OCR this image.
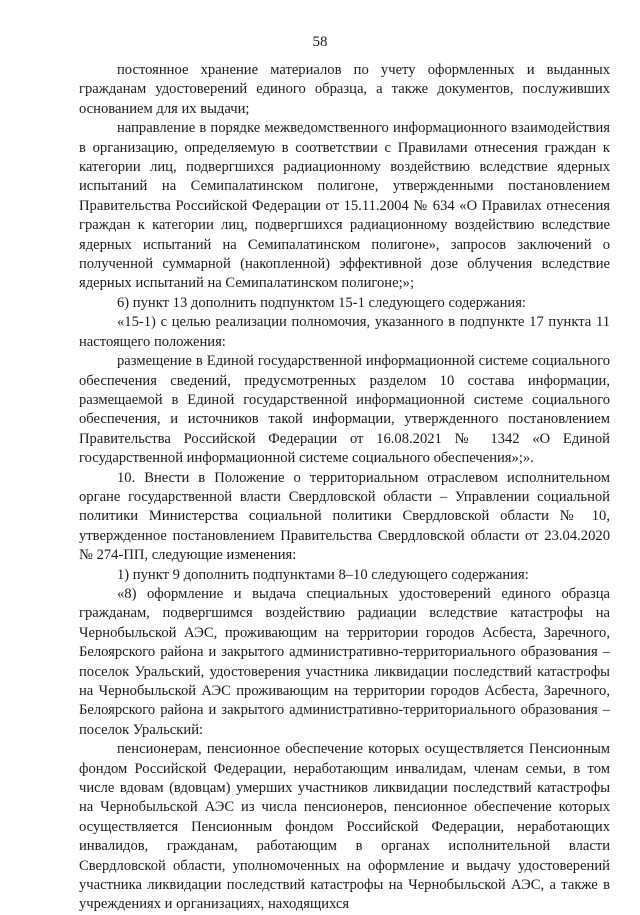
58

постоянное хранение материалов по учету оформленных и выданных гражданам удостоверений единого образца, а также документов, послуживших основанием для их выдачи;

направление в порядке межведомственного информационного взаимодействия в организацию, определяемую в соответствии с Правилами отнесения граждан к категории лиц, подвергшихся радиационному воздействию вследствие ядерных испытаний на Семипалатинском полигоне, утвержденными постановлением Правительства Российской Федерации от 15.11.2004 № 634 «О Правилах отнесения граждан к категории лиц, подвергшихся радиационному воздействию вследствие ядерных испытаний на Семипалатинском полигоне», запросов заключений о полученной суммарной (накопленной) эффективной дозе облучения вследствие ядерных испытаний на Семипалатинском полигоне;»;

6) пункт 13 дополнить подпунктом 15-1 следующего содержания:

«15-1) с целью реализации полномочия, указанного в подпункте 17 пункта 11 настоящего положения:

размещение в Единой государственной информационной системе социального обеспечения сведений, предусмотренных разделом 10 состава информации, размещаемой в Единой государственной информационной системе социального обеспечения, и источников такой информации, утвержденного постановлением Правительства Российской Федерации от 16.08.2021 № 1342 «О Единой государственной информационной системе социального обеспечения»;».

10. Внести в Положение о территориальном отраслевом исполнительном органе государственной власти Свердловской области – Управлении социальной политики Министерства социальной политики Свердловской области № 10, утвержденное постановлением Правительства Свердловской области от 23.04.2020 № 274-ПП, следующие изменения:

1) пункт 9 дополнить подпунктами 8–10 следующего содержания:

«8) оформление и выдача специальных удостоверений единого образца гражданам, подвергшимся воздействию радиации вследствие катастрофы на Чернобыльской АЭС, проживающим на территории городов Асбеста, Заречного, Белоярского района и закрытого административно-территориального образования – поселок Уральский, удостоверения участника ликвидации последствий катастрофы на Чернобыльской АЭС проживающим на территории городов Асбеста, Заречного, Белоярского района и закрытого административно-территориального образования – поселок Уральский:

пенсионерам, пенсионное обеспечение которых осуществляется Пенсионным фондом Российской Федерации, неработающим инвалидам, членам семьи, в том числе вдовам (вдовцам) умерших участников ликвидации последствий катастрофы на Чернобыльской АЭС из числа пенсионеров, пенсионное обеспечение которых осуществляется Пенсионным фондом Российской Федерации, неработающих инвалидов, гражданам, работающим в органах исполнительной власти Свердловской области, уполномоченных на оформление и выдачу удостоверений участника ликвидации последствий катастрофы на Чернобыльской АЭС, а также в учреждениях и организациях, находящихся
